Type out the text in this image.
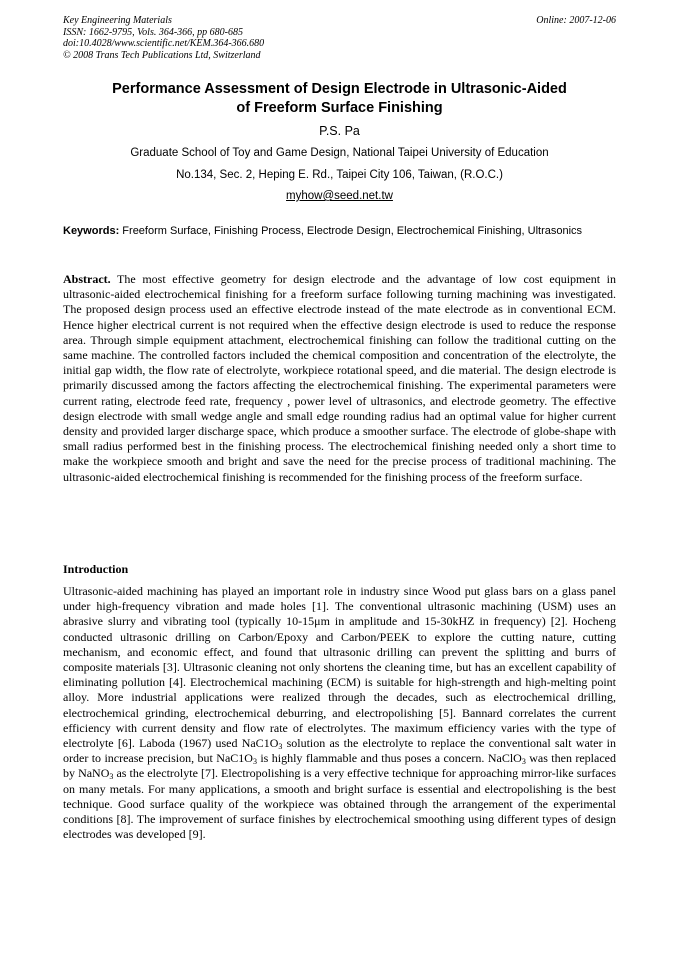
Key Engineering Materials
ISSN: 1662-9795, Vols. 364-366, pp 680-685
doi:10.4028/www.scientific.net/KEM.364-366.680
© 2008 Trans Tech Publications Ltd, Switzerland
Online: 2007-12-06
Performance Assessment of Design Electrode in Ultrasonic-Aided
of Freeform Surface Finishing
P.S. Pa
Graduate School of Toy and Game Design, National Taipei University of Education
No.134, Sec. 2, Heping E. Rd., Taipei City 106, Taiwan, (R.O.C.)
myhow@seed.net.tw
Keywords: Freeform Surface, Finishing Process, Electrode Design, Electrochemical Finishing, Ultrasonics
Abstract. The most effective geometry for design electrode and the advantage of low cost equipment in ultrasonic-aided electrochemical finishing for a freeform surface following turning machining was investigated. The proposed design process used an effective electrode instead of the mate electrode as in conventional ECM. Hence higher electrical current is not required when the effective design electrode is used to reduce the response area. Through simple equipment attachment, electrochemical finishing can follow the traditional cutting on the same machine. The controlled factors included the chemical composition and concentration of the electrolyte, the initial gap width, the flow rate of electrolyte, workpiece rotational speed, and die material. The design electrode is primarily discussed among the factors affecting the electrochemical finishing. The experimental parameters were current rating, electrode feed rate, frequency , power level of ultrasonics, and electrode geometry. The effective design electrode with small wedge angle and small edge rounding radius had an optimal value for higher current density and provided larger discharge space, which produce a smoother surface. The electrode of globe-shape with small radius performed best in the finishing process. The electrochemical finishing needed only a short time to make the workpiece smooth and bright and save the need for the precise process of traditional machining. The ultrasonic-aided electrochemical finishing is recommended for the finishing process of the freeform surface.
Introduction
Ultrasonic-aided machining has played an important role in industry since Wood put glass bars on a glass panel under high-frequency vibration and made holes [1]. The conventional ultrasonic machining (USM) uses an abrasive slurry and vibrating tool (typically 10-15μm in amplitude and 15-30kHZ in frequency) [2]. Hocheng conducted ultrasonic drilling on Carbon/Epoxy and Carbon/PEEK to explore the cutting nature, cutting mechanism, and economic effect, and found that ultrasonic drilling can prevent the splitting and burrs of composite materials [3]. Ultrasonic cleaning not only shortens the cleaning time, but has an excellent capability of eliminating pollution [4]. Electrochemical machining (ECM) is suitable for high-strength and high-melting point alloy. More industrial applications were realized through the decades, such as electrochemical drilling, electrochemical grinding, electrochemical deburring, and electropolishing [5]. Bannard correlates the current efficiency with current density and flow rate of electrolytes. The maximum efficiency varies with the type of electrolyte [6]. Laboda (1967) used $NaC1O_3$ solution as the electrolyte to replace the conventional salt water in order to increase precision, but $NaC1O_3$ is highly flammable and thus poses a concern. NaClO$_3$ was then replaced by NaNO$_3$ as the electrolyte [7]. Electropolishing is a very effective technique for approaching mirror-like surfaces on many metals. For many applications, a smooth and bright surface is essential and electropolishing is the best technique. Good surface quality of the workpiece was obtained through the arrangement of the experimental conditions [8]. The improvement of surface finishes by electrochemical smoothing using different types of design electrodes was developed [9].
